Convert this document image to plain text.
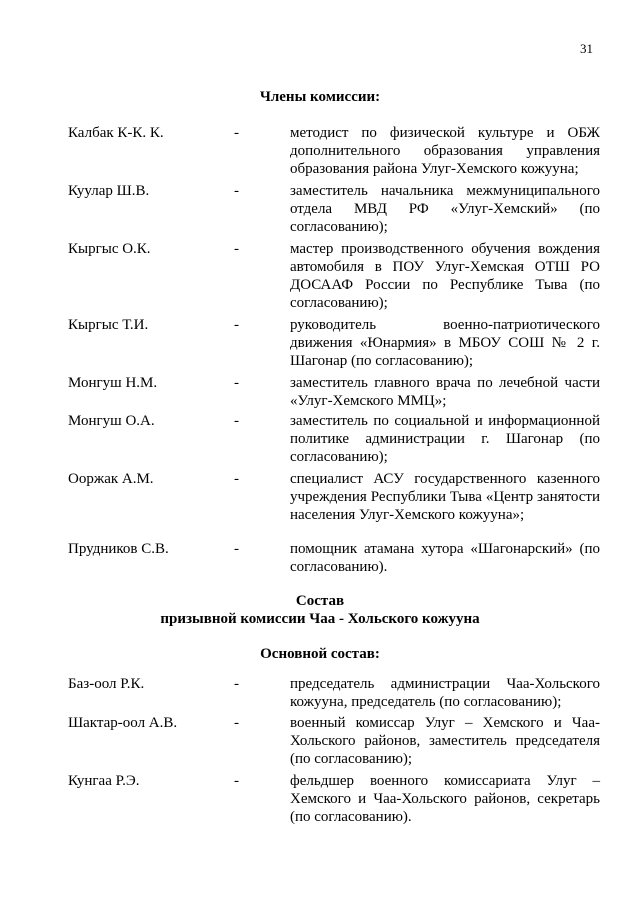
31
Члены комиссии:
Калбак К-К. К.	-	методист по физической культуре и ОБЖ дополнительного образования управления образования района Улуг-Хемского кожууна;
Куулар Ш.В.	-	заместитель начальника межмуниципального отдела МВД РФ «Улуг-Хемский» (по согласованию);
Кыргыс О.К.	-	мастер производственного обучения вождения автомобиля в ПОУ Улуг-Хемская ОТШ РО ДОСААФ России по Республике Тыва (по согласованию);
Кыргыс Т.И.	-	руководитель военно-патриотического движения «Юнармия» в МБОУ СОШ № 2 г. Шагонар (по согласованию);
Монгуш Н.М.	-	заместитель главного врача по лечебной части «Улуг-Хемского ММЦ»;
Монгуш О.А.	-	заместитель по социальной и информационной политике администрации г. Шагонар (по согласованию);
Ооржак А.М.	-	специалист АСУ государственного казенного учреждения Республики Тыва «Центр занятости населения Улуг-Хемского кожууна»;
Прудников С.В.	-	помощник атамана хутора «Шагонарский» (по согласованию).
Состав
призывной комиссии Чаа - Хольского кожууна
Основной состав:
Баз-оол Р.К.	-	председатель администрации Чаа-Хольского кожууна, председатель (по согласованию);
Шактар-оол А.В.	-	военный комиссар Улуг – Хемского и Чаа-Хольского районов, заместитель председателя (по согласованию);
Кунгаа Р.Э.	-	фельдшер военного комиссариата Улуг – Хемского и Чаа-Хольского районов, секретарь (по согласованию).
